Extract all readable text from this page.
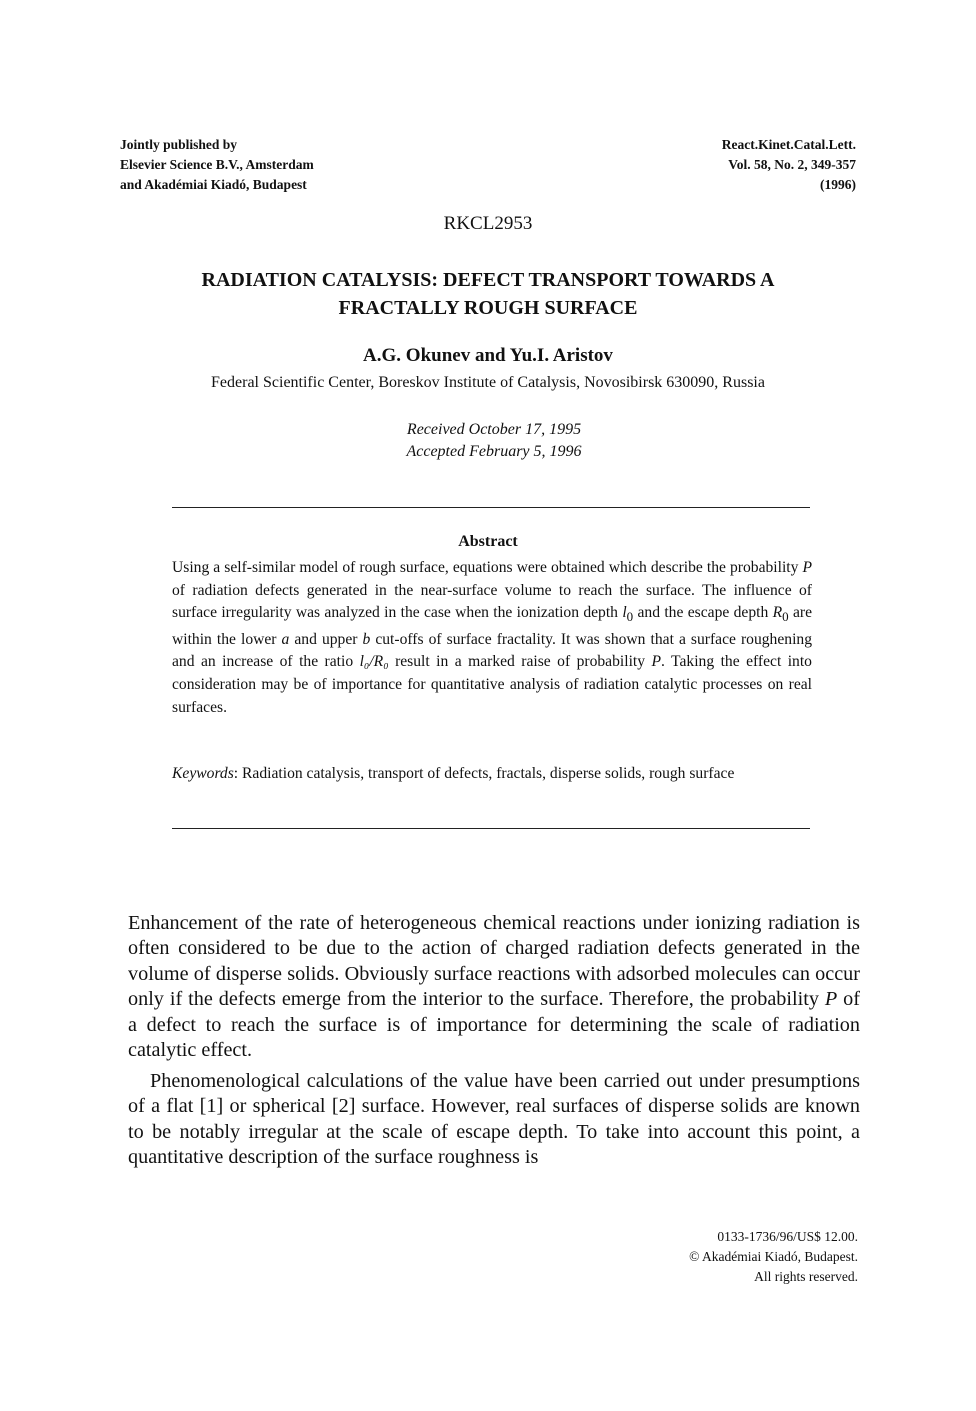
Jointly published by
Elsevier Science B.V., Amsterdam
and Akadémiai Kiadó, Budapest
React.Kinet.Catal.Lett.
Vol. 58, No. 2, 349-357
(1996)
RKCL2953
RADIATION CATALYSIS: DEFECT TRANSPORT TOWARDS A
FRACTALLY ROUGH SURFACE
A.G. Okunev and Yu.I. Aristov
Federal Scientific Center, Boreskov Institute of Catalysis, Novosibirsk 630090, Russia
Received October 17, 1995
Accepted February 5, 1996
Abstract
Using a self-similar model of rough surface, equations were obtained which describe the probability P of radiation defects generated in the near-surface volume to reach the surface. The influence of surface irregularity was analyzed in the case when the ionization depth $l_0$ and the escape depth $R_0$ are within the lower a and upper b cut-offs of surface fractality. It was shown that a surface roughening and an increase of the ratio l₀/R₀ result in a marked raise of probability P. Taking the effect into consideration may be of importance for quantitative analysis of radiation catalytic processes on real surfaces.
Keywords: Radiation catalysis, transport of defects, fractals, disperse solids, rough surface
Enhancement of the rate of heterogeneous chemical reactions under ionizing radiation is often considered to be due to the action of charged radiation defects generated in the volume of disperse solids. Obviously surface reactions with adsorbed molecules can occur only if the defects emerge from the interior to the surface. Therefore, the probability P of a defect to reach the surface is of importance for determining the scale of radiation catalytic effect.
Phenomenological calculations of the value have been carried out under presumptions of a flat [1] or spherical [2] surface. However, real surfaces of disperse solids are known to be notably irregular at the scale of escape depth. To take into account this point, a quantitative description of the surface roughness is
0133-1736/96/US$ 12.00.
© Akadémiai Kiadó, Budapest.
All rights reserved.
